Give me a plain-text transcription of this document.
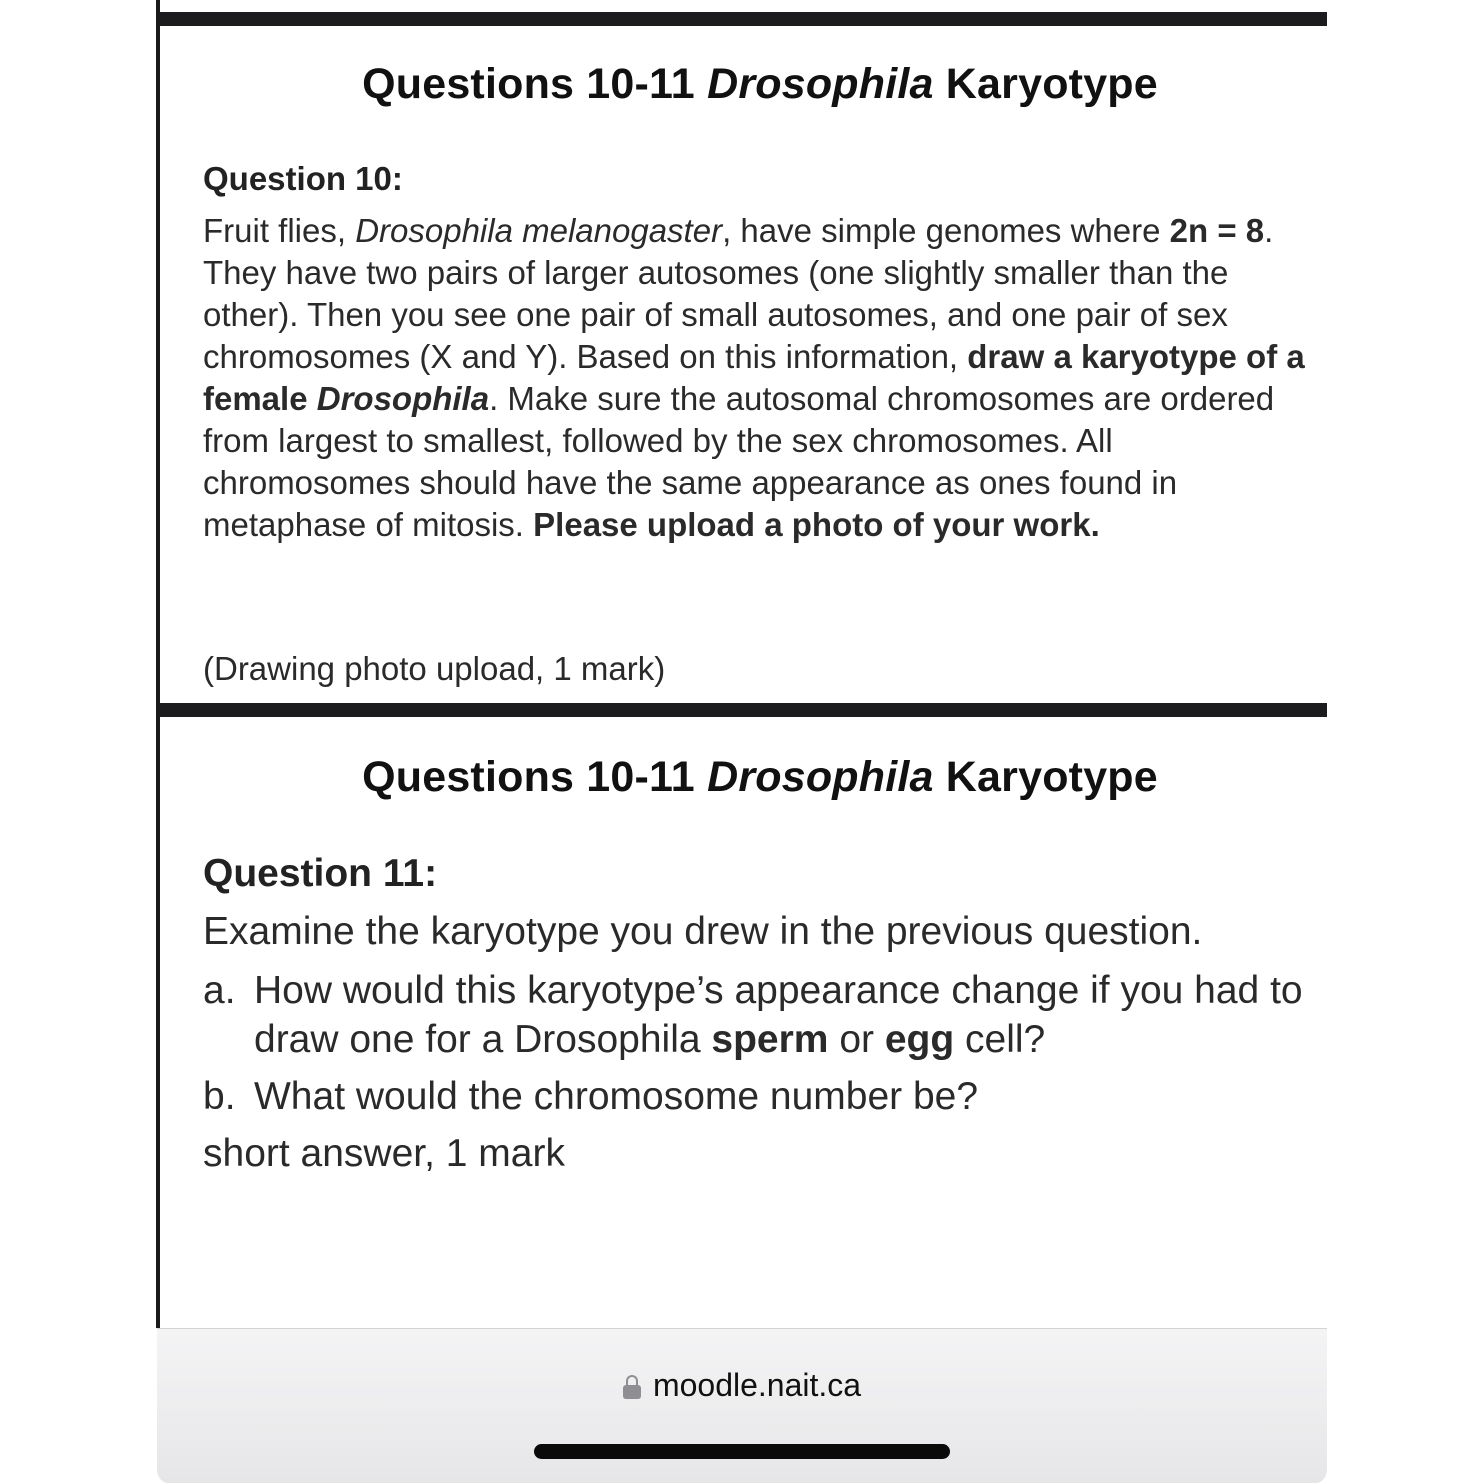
Questions 10-11 Drosophila Karyotype
Question 10:
Fruit flies, Drosophila melanogaster, have simple genomes where 2n = 8. They have two pairs of larger autosomes (one slightly smaller than the other). Then you see one pair of small autosomes, and one pair of sex chromosomes (X and Y). Based on this information, draw a karyotype of a female Drosophila. Make sure the autosomal chromosomes are ordered from largest to smallest, followed by the sex chromosomes. All chromosomes should have the same appearance as ones found in metaphase of mitosis. Please upload a photo of your work.
(Drawing photo upload, 1 mark)
Questions 10-11 Drosophila Karyotype
Question 11:
Examine the karyotype you drew in the previous question.
a. How would this karyotype’s appearance change if you had to draw one for a Drosophila sperm or egg cell?
b. What would the chromosome number be?
short answer, 1 mark
moodle.nait.ca
